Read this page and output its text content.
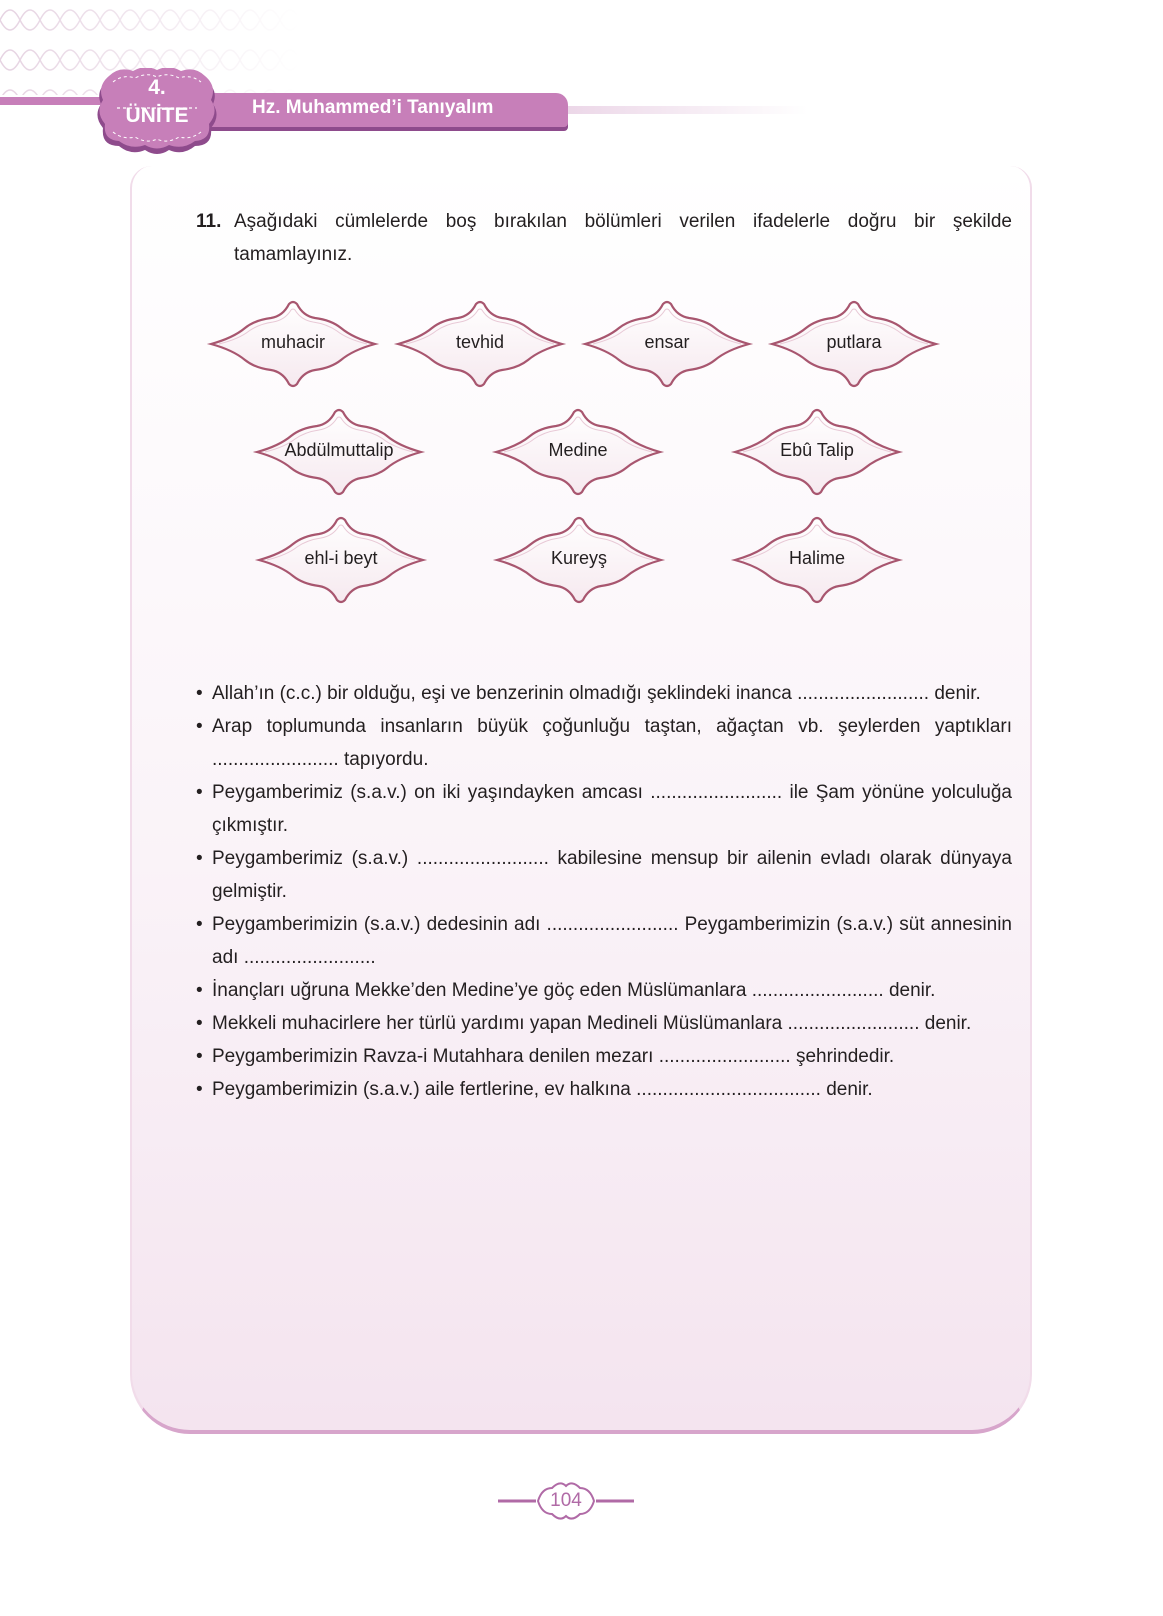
Hz. Muhammed’i Tanıyalım
4.
ÜNİTE
11. Aşağıdaki cümlelerde boş bırakılan bölümleri verilen ifadelerle doğru bir şekilde tamamlayınız.
muhacir	tevhid	ensar	putlara
Abdülmuttalip	Medine	Ebû Talip
ehl-i beyt	Kureyş	Halime
• Allah’ın (c.c.) bir olduğu, eşi ve benzerinin olmadığı şeklindeki inanca ......................... denir.
• Arap toplumunda insanların büyük çoğunluğu taştan, ağaçtan vb. şeylerden yaptıkları ........................ tapıyordu.
• Peygamberimiz (s.a.v.) on iki yaşındayken amcası ......................... ile Şam yönüne yolculuğa çıkmıştır.
• Peygamberimiz (s.a.v.) ......................... kabilesine mensup bir ailenin evladı olarak dünyaya gelmiştir.
• Peygamberimizin (s.a.v.) dedesinin adı ......................... Peygamberimizin (s.a.v.) süt annesinin adı .........................
• İnançları uğruna Mekke’den Medine’ye göç eden Müslümanlara ......................... denir.
• Mekkeli muhacirlere her türlü yardımı yapan Medineli Müslümanlara ......................... denir.
• Peygamberimizin Ravza-i Mutahhara denilen mezarı ......................... şehrindedir.
• Peygamberimizin (s.a.v.) aile fertlerine, ev halkına ................................... denir.
104
